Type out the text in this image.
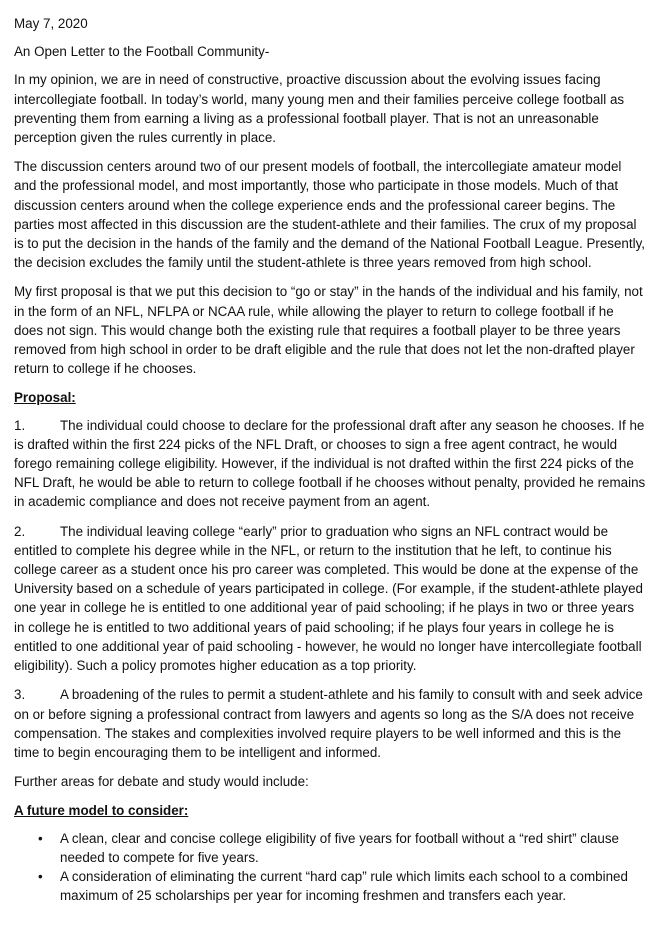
May 7, 2020

An Open Letter to the Football Community-

In my opinion, we are in need of constructive, proactive discussion about the evolving issues facing intercollegiate football. In today’s world, many young men and their families perceive college football as preventing them from earning a living as a professional football player. That is not an unreasonable perception given the rules currently in place.

The discussion centers around two of our present models of football, the intercollegiate amateur model and the professional model, and most importantly, those who participate in those models. Much of that discussion centers around when the college experience ends and the professional career begins. The parties most affected in this discussion are the student-athlete and their families. The crux of my proposal is to put the decision in the hands of the family and the demand of the National Football League. Presently, the decision excludes the family until the student-athlete is three years removed from high school.

My first proposal is that we put this decision to “go or stay” in the hands of the individual and his family, not in the form of an NFL, NFLPA or NCAA rule, while allowing the player to return to college football if he does not sign. This would change both the existing rule that requires a football player to be three years removed from high school in order to be draft eligible and the rule that does not let the non-drafted player return to college if he chooses.

Proposal:

1.	The individual could choose to declare for the professional draft after any season he chooses. If he is drafted within the first 224 picks of the NFL Draft, or chooses to sign a free agent contract, he would forego remaining college eligibility. However, if the individual is not drafted within the first 224 picks of the NFL Draft, he would be able to return to college football if he chooses without penalty, provided he remains in academic compliance and does not receive payment from an agent.

2.	The individual leaving college “early” prior to graduation who signs an NFL contract would be entitled to complete his degree while in the NFL, or return to the institution that he left, to continue his college career as a student once his pro career was completed. This would be done at the expense of the University based on a schedule of years participated in college. (For example, if the student-athlete played one year in college he is entitled to one additional year of paid schooling; if he plays in two or three years in college he is entitled to two additional years of paid schooling; if he plays four years in college he is entitled to one additional year of paid schooling - however, he would no longer have intercollegiate football eligibility). Such a policy promotes higher education as a top priority.

3.	A broadening of the rules to permit a student-athlete and his family to consult with and seek advice on or before signing a professional contract from lawyers and agents so long as the S/A does not receive compensation. The stakes and complexities involved require players to be well informed and this is the time to begin encouraging them to be intelligent and informed.

Further areas for debate and study would include:

A future model to consider:

• A clean, clear and concise college eligibility of five years for football without a “red shirt” clause needed to compete for five years.
• A consideration of eliminating the current “hard cap” rule which limits each school to a combined maximum of 25 scholarships per year for incoming freshmen and transfers each year.
